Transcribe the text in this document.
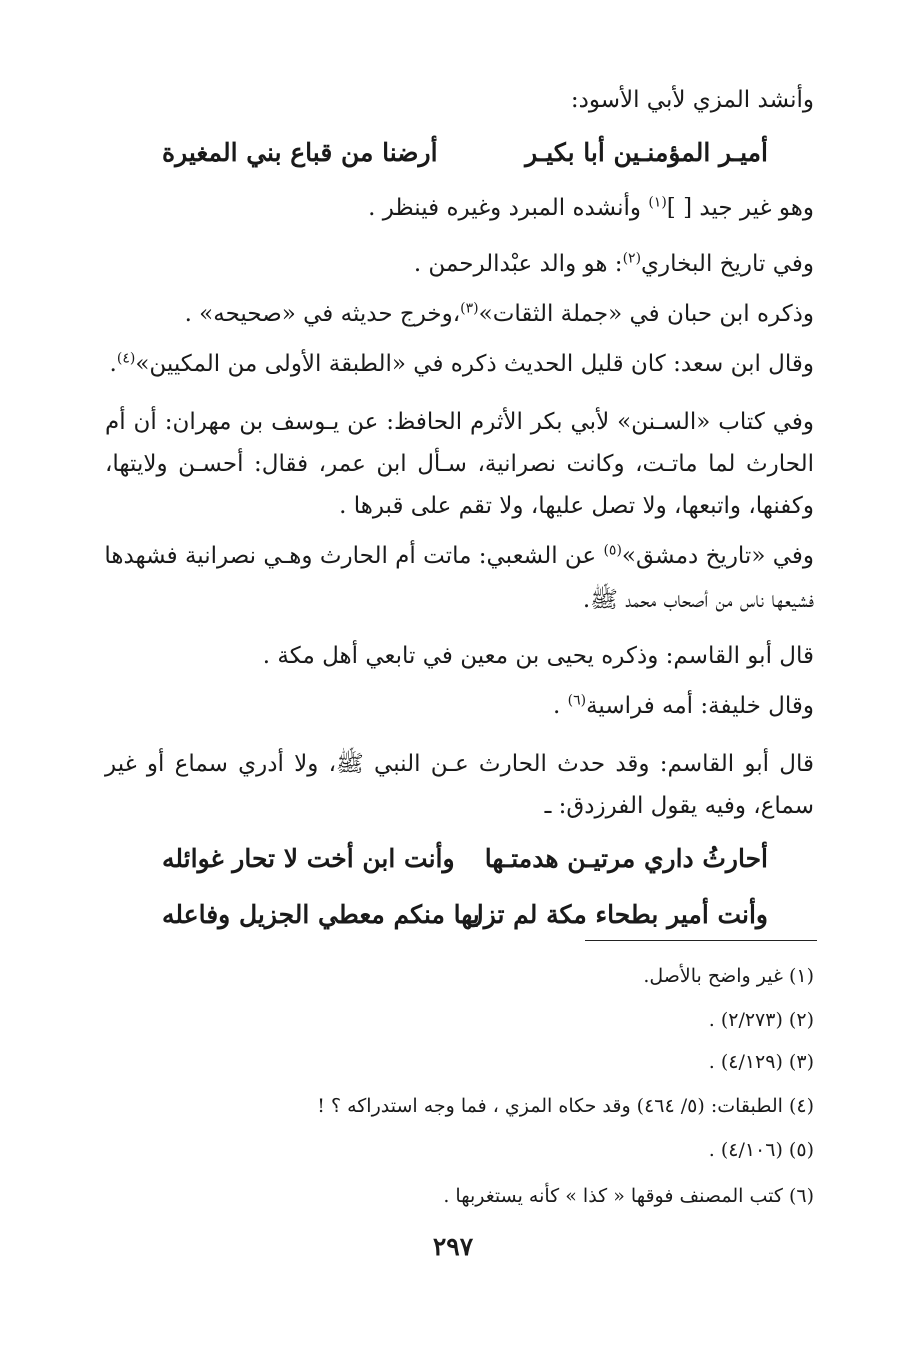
وأنشد المزي لأبي الأسود:
أميـر المؤمنـين أبا بكيـر
أرضنا من قباع بني المغيرة
وهو غير جيد [ ]$^{(١)}$ وأنشده المبرد وغيره فينظر .
وفي تاريخ البخاري$^{(٢)}$: هو والد عبْدالرحمن .
وذكره ابن حبان في «جملة الثقات»$^{(٣)}$،وخرج حديثه في «صحيحه» .
وقال ابن سعد: كان قليل الحديث ذكره في «الطبقة الأولى من المكيين»$^{(٤)}$.
وفي كتاب «السـنن» لأبي بكر الأثرم الحافظ: عن يـوسف بن مهران: أن أم
الحارث لما ماتـت، وكانت نصرانية، سـأل ابن عمر، فقال: أحسـن ولايتها،
وكفنها، واتبعها، ولا تصل عليها، ولا تقم على قبرها .
وفي «تاريخ دمشق»$^{(٥)}$ عن الشعبي: ماتت أم الحارث وهـي نصرانية فشهدها
فشيعها ناس من أصحاب محمد ﷺ.
قال أبو القاسم: وذكره يحيى بن معين في تابعي أهل مكة .
وقال خليفة: أمه فراسية$^{(٦)}$ .
قال أبو القاسم: وقد حدث الحارث عـن النبي ﷺ، ولا أدري سماع أو غير
سماع، وفيه يقول الفرزدق: ـ
أحارثُ داري مرتيـن هدمتـها
وأنت ابن أخت لا تحار غوائله
وأنت أمير بطحاء مكة لم تزل
بها منكم معطي الجزيل وفاعله
(١) غير واضح بالأصل.
(٢) (٢/٢٧٣) .
(٣) (٤/١٢٩) .
(٤) الطبقات: (٥/ ٤٦٤) وقد حكاه المزي ، فما وجه استدراكه ؟ !
(٥) (٤/١٠٦) .
(٦) كتب المصنف فوقها « كذا » كأنه يستغربها .
٢٩٧
